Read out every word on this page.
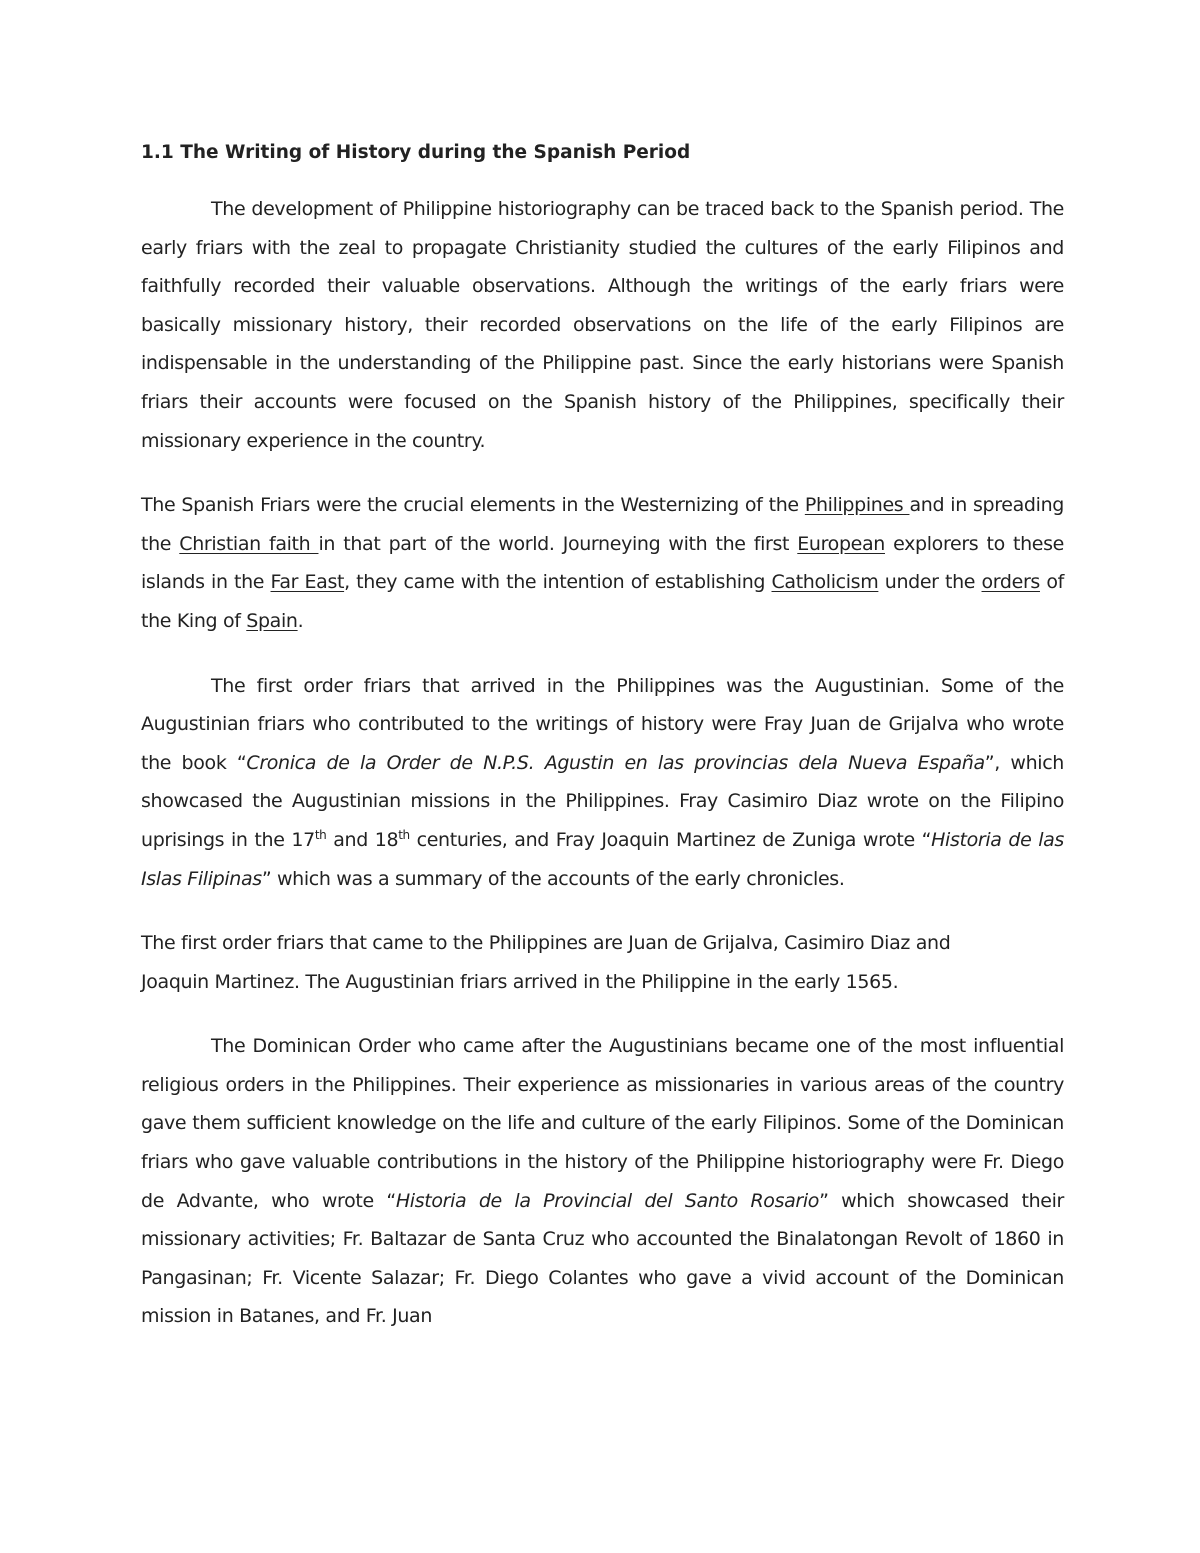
1.1 The Writing of History during the Spanish Period

The development of Philippine historiography can be traced back to the Spanish period. The early friars with the zeal to propagate Christianity studied the cultures of the early Filipinos and faithfully recorded their valuable observations. Although the writings of the early friars were basically missionary history, their recorded observations on the life of the early Filipinos are indispensable in the understanding of the Philippine past. Since the early historians were Spanish friars their accounts were focused on the Spanish history of the Philippines, specifically their missionary experience in the country.

The Spanish Friars were the crucial elements in the Westernizing of the Philippines and in spreading the Christian faith in that part of the world. Journeying with the first European explorers to these islands in the Far East, they came with the intention of establishing Catholicism under the orders of the King of Spain.

The first order friars that arrived in the Philippines was the Augustinian. Some of the Augustinian friars who contributed to the writings of history were Fray Juan de Grijalva who wrote the book “Cronica de la Order de N.P.S. Agustin en las provincias dela Nueva España”, which showcased the Augustinian missions in the Philippines. Fray Casimiro Diaz wrote on the Filipino uprisings in the 17th and 18th centuries, and Fray Joaquin Martinez de Zuniga wrote “Historia de las Islas Filipinas” which was a summary of the accounts of the early chronicles.

The first order friars that came to the Philippines are Juan de Grijalva, Casimiro Diaz and
Joaquin Martinez. The Augustinian friars arrived in the Philippine in the early 1565.

The Dominican Order who came after the Augustinians became one of the most influential religious orders in the Philippines. Their experience as missionaries in various areas of the country gave them sufficient knowledge on the life and culture of the early Filipinos. Some of the Dominican friars who gave valuable contributions in the history of the Philippine historiography were Fr. Diego de Advante, who wrote “Historia de la Provincial del Santo Rosario” which showcased their missionary activities; Fr. Baltazar de Santa Cruz who accounted the Binalatongan Revolt of 1860 in Pangasinan; Fr. Vicente Salazar; Fr. Diego Colantes who gave a vivid account of the Dominican mission in Batanes, and Fr. Juan
